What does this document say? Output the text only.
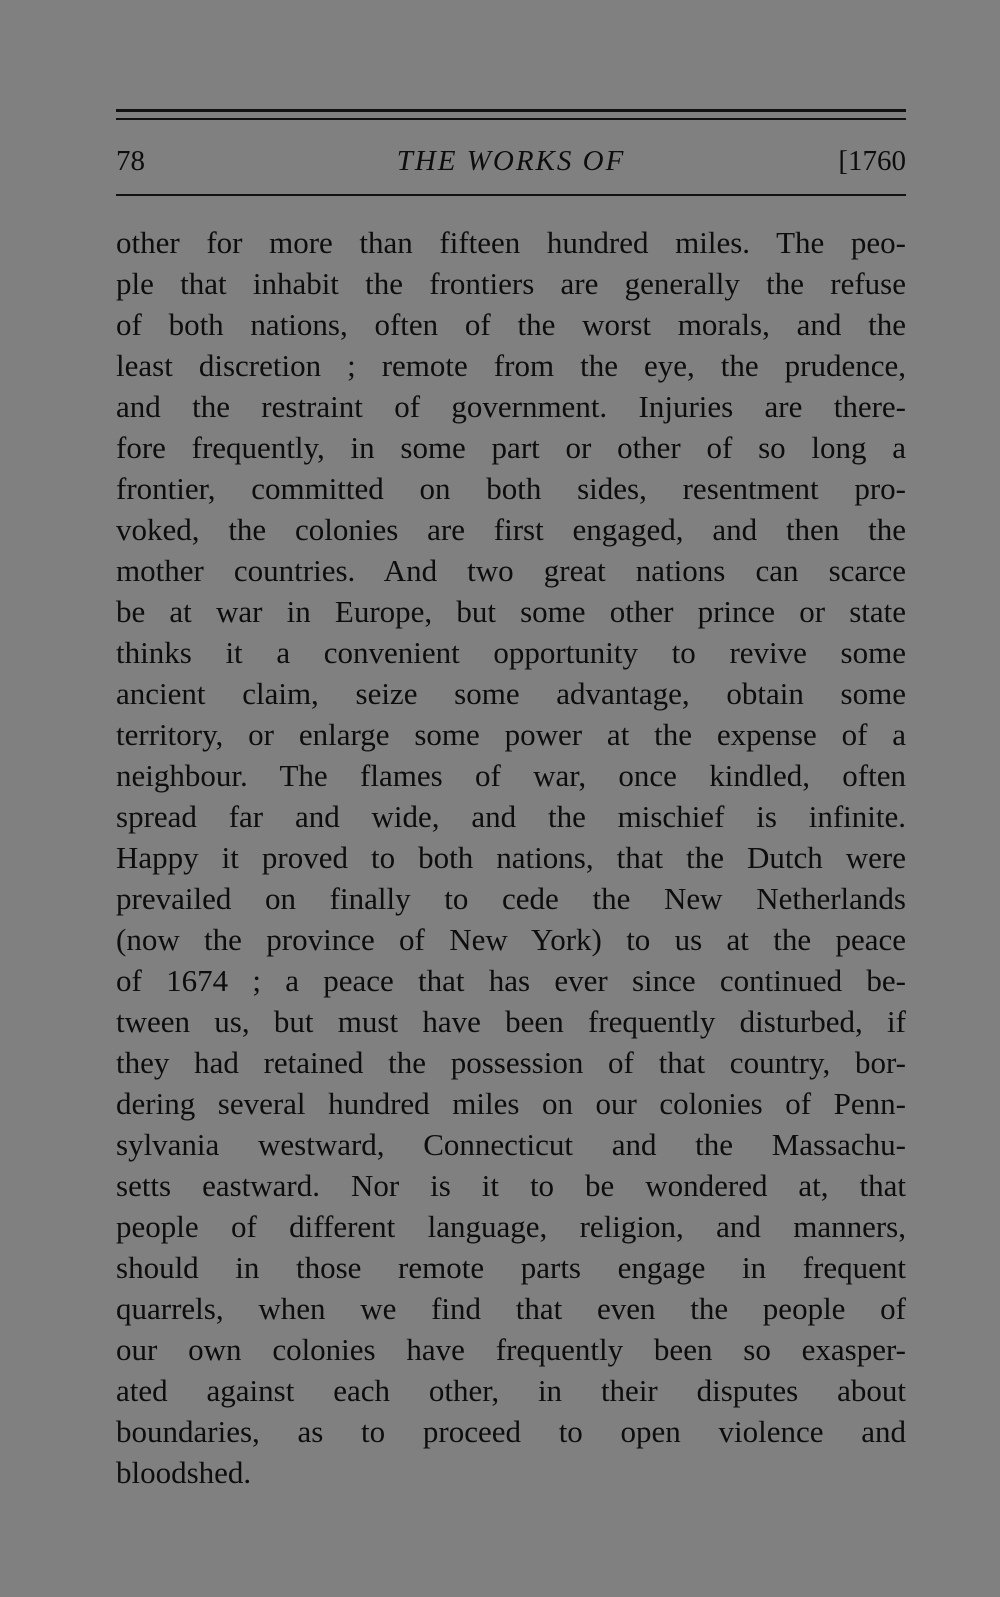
78	THE WORKS OF	[1760
other for more than fifteen hundred miles. The peo-
ple that inhabit the frontiers are generally the refuse
of both nations, often of the worst morals, and the
least discretion ; remote from the eye, the prudence,
and the restraint of government. Injuries are there-
fore frequently, in some part or other of so long a
frontier, committed on both sides, resentment pro-
voked, the colonies are first engaged, and then the
mother countries. And two great nations can scarce
be at war in Europe, but some other prince or state
thinks it a convenient opportunity to revive some
ancient claim, seize some advantage, obtain some
territory, or enlarge some power at the expense of a
neighbour. The flames of war, once kindled, often
spread far and wide, and the mischief is infinite.
Happy it proved to both nations, that the Dutch were
prevailed on finally to cede the New Netherlands
(now the province of New York) to us at the peace
of 1674 ; a peace that has ever since continued be-
tween us, but must have been frequently disturbed, if
they had retained the possession of that country, bor-
dering several hundred miles on our colonies of Penn-
sylvania westward, Connecticut and the Massachu-
setts eastward. Nor is it to be wondered at, that
people of different language, religion, and manners,
should in those remote parts engage in frequent
quarrels, when we find that even the people of
our own colonies have frequently been so exasper-
ated against each other, in their disputes about
boundaries, as to proceed to open violence and
bloodshed.
